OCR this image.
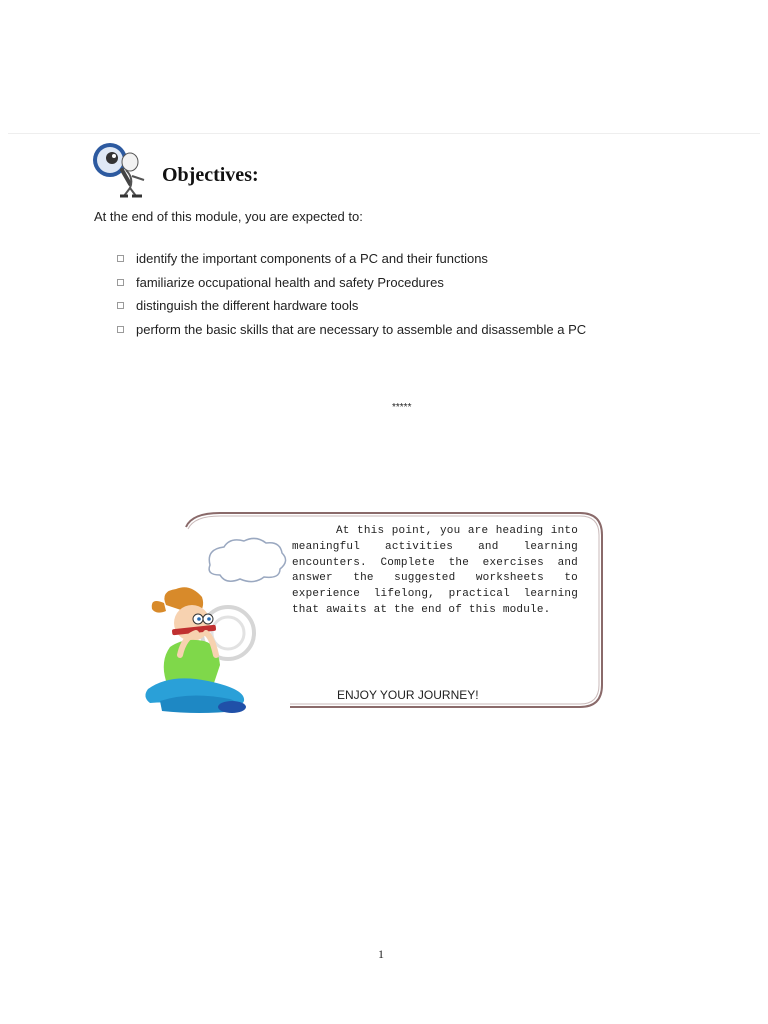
Objectives:
At the end of this module, you are expected to:
identify the important components of a PC and their functions
familiarize occupational health and safety Procedures
distinguish the different hardware tools
perform the basic skills that are necessary to assemble and disassemble a PC
*****
At this point, you are heading into meaningful activities and learning encounters. Complete the exercises and answer the suggested worksheets to experience lifelong, practical learning that awaits at the end of this module.
ENJOY YOUR JOURNEY!
1
